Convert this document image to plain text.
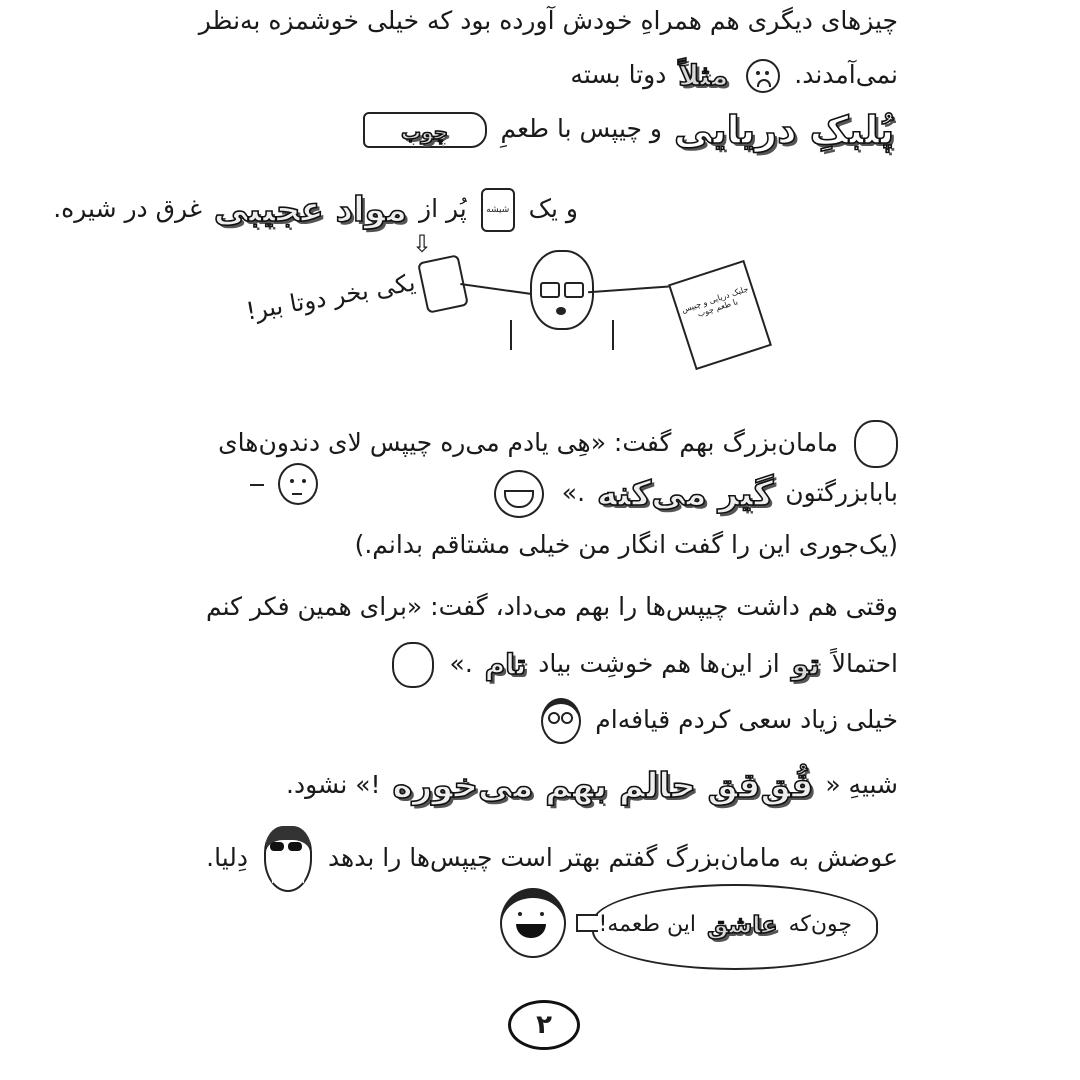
چیزهای دیگری هم همراهِ خودش آورده بود که خیلی خوشمزه به‌نظر
نمی‌آمدند.
مثلاً دوتا بسته
پُلبکِ دریایی و چیپس با طعمِ چوب
و یک شیشه پُر از مواد عجیبی غرق در شیره.
⇩
جلبک دریایی و چیپس با طعم چوب
یکی بخر دوتا ببر!
مامان‌بزرگ بهم گفت: «هِی یادم می‌ره چیپس لای دندون‌های
بابابزرگتون گیر می‌کنه .»
(یک‌جوری این را گفت انگار من خیلی مشتاقم بدانم.)
وقتی هم داشت چیپس‌ها را بهم می‌داد، گفت: «برای همین فکر کنم
احتمالاً تو از این‌ها هم خوشِت بیاد تام .»
خیلی زیاد سعی کردم قیافه‌ام
شبیهِ « قُق‌قق حالم بهم می‌خوره !» نشود.
عوضش به مامان‌بزرگ گفتم بهتر است چیپس‌ها را بدهد
دِلیا.
چون‌که عاشق این طعمه!
۲
